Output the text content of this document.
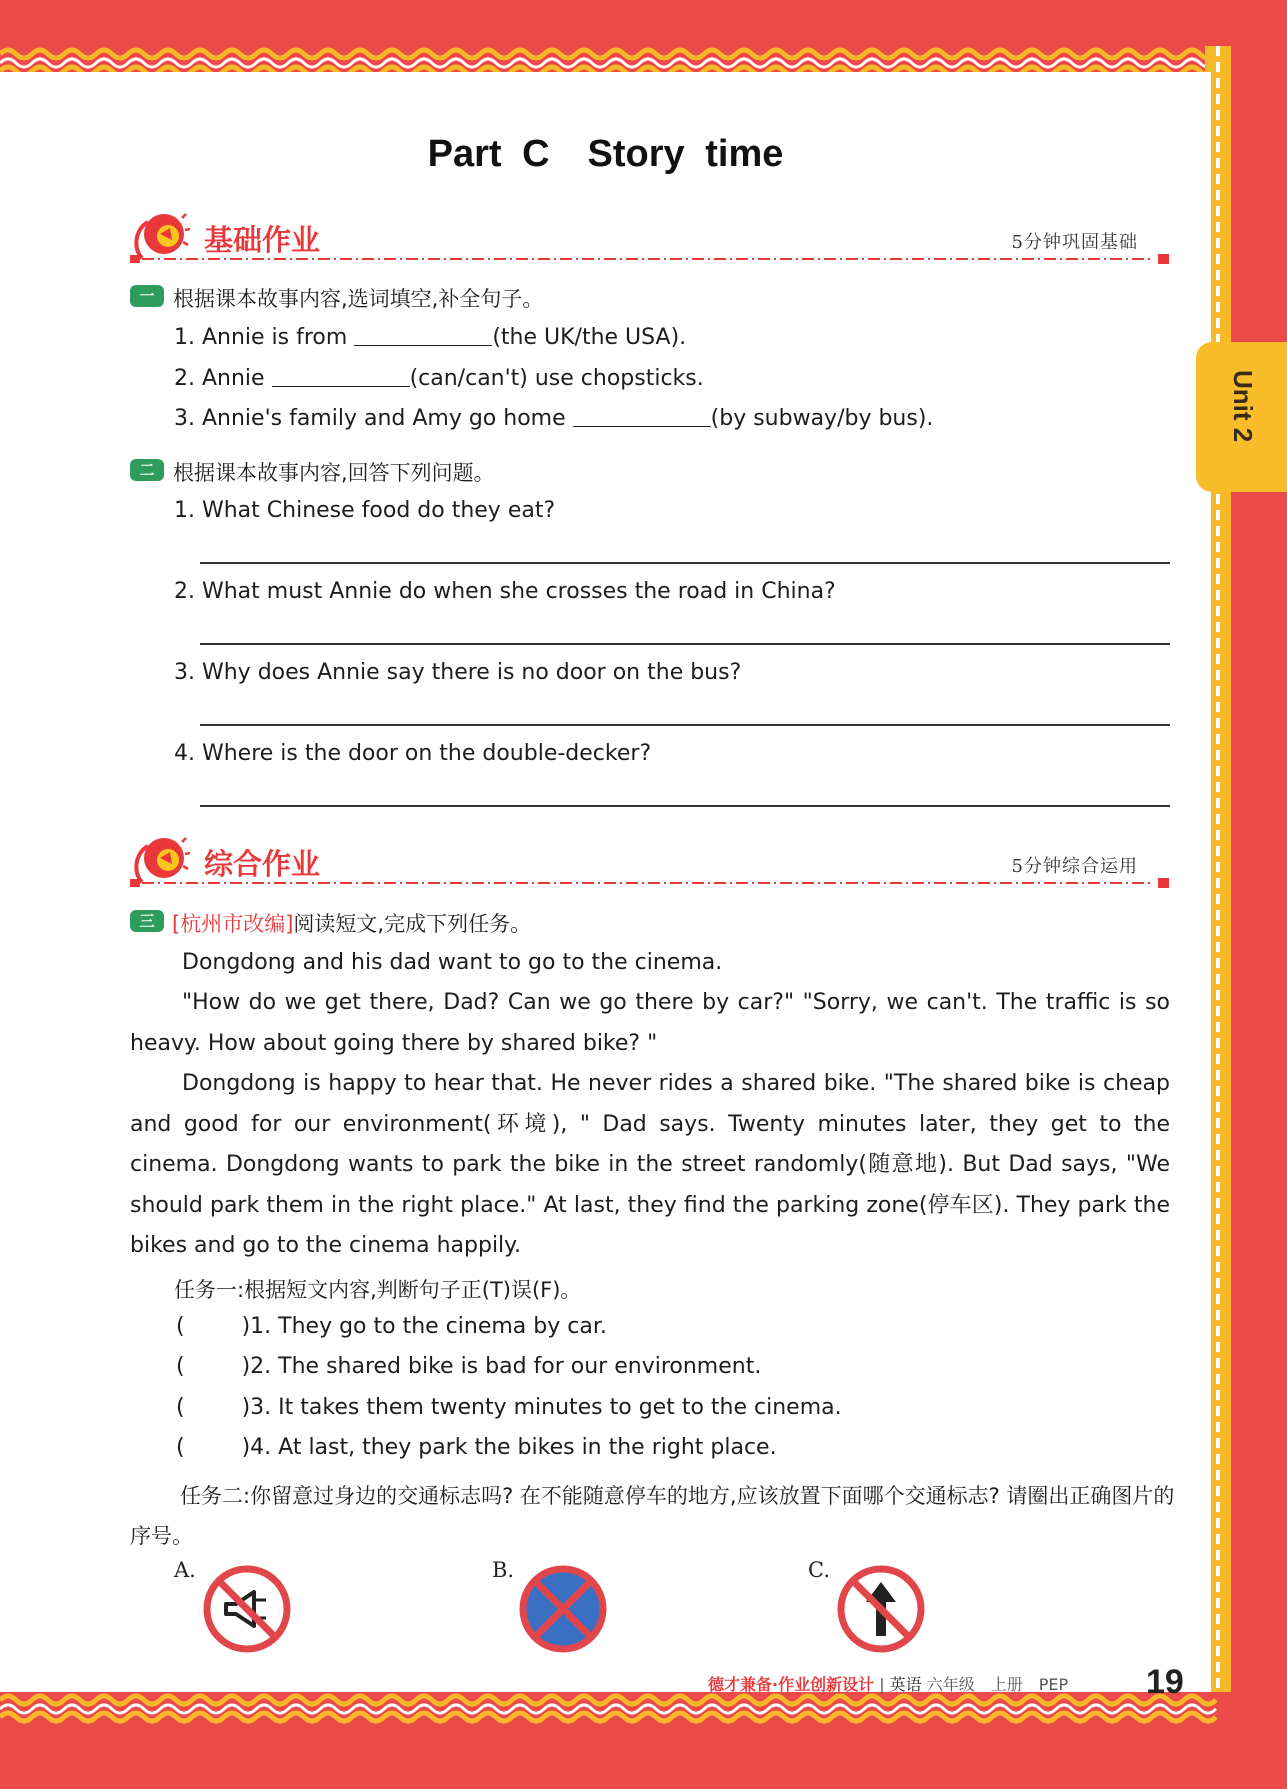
Unit 2
Part C　Story time
基础作业	5分钟巩固基础
一 根据课本故事内容,选词填空,补全句子。
1. Annie is from	(the UK/the USA).
2. Annie	(can/can't) use chopsticks.
3. Annie's family and Amy go home	(by subway/by bus).
二 根据课本故事内容,回答下列问题。
1. What Chinese food do they eat?
2. What must Annie do when she crosses the road in China?
3. Why does Annie say there is no door on the bus?
4. Where is the door on the double-decker?
综合作业	5分钟综合运用
三 [杭州市改编]阅读短文,完成下列任务。
Dongdong and his dad want to go to the cinema.
"How do we get there, Dad? Can we go there by car?" "Sorry, we can't. The traffic is so heavy. How about going there by shared bike? "
Dongdong is happy to hear that. He never rides a shared bike. "The shared bike is cheap and good for our environment(环境), " Dad says. Twenty minutes later, they get to the cinema. Dongdong wants to park the bike in the street randomly(随意地). But Dad says, "We should park them in the right place." At last, they find the parking zone(停车区). They park the bikes and go to the cinema happily.
任务一:根据短文内容,判断句子正(T)误(F)。
( )1. They go to the cinema by car.
( )2. The shared bike is bad for our environment.
( )3. It takes them twenty minutes to get to the cinema.
( )4. At last, they park the bikes in the right place.
任务二:你留意过身边的交通标志吗? 在不能随意停车的地方,应该放置下面哪个交通标志? 请圈出正确图片的序号。
A.	B.	C.
德才兼备·作业创新设计 | 英语 六年级　上册　PEP 19
